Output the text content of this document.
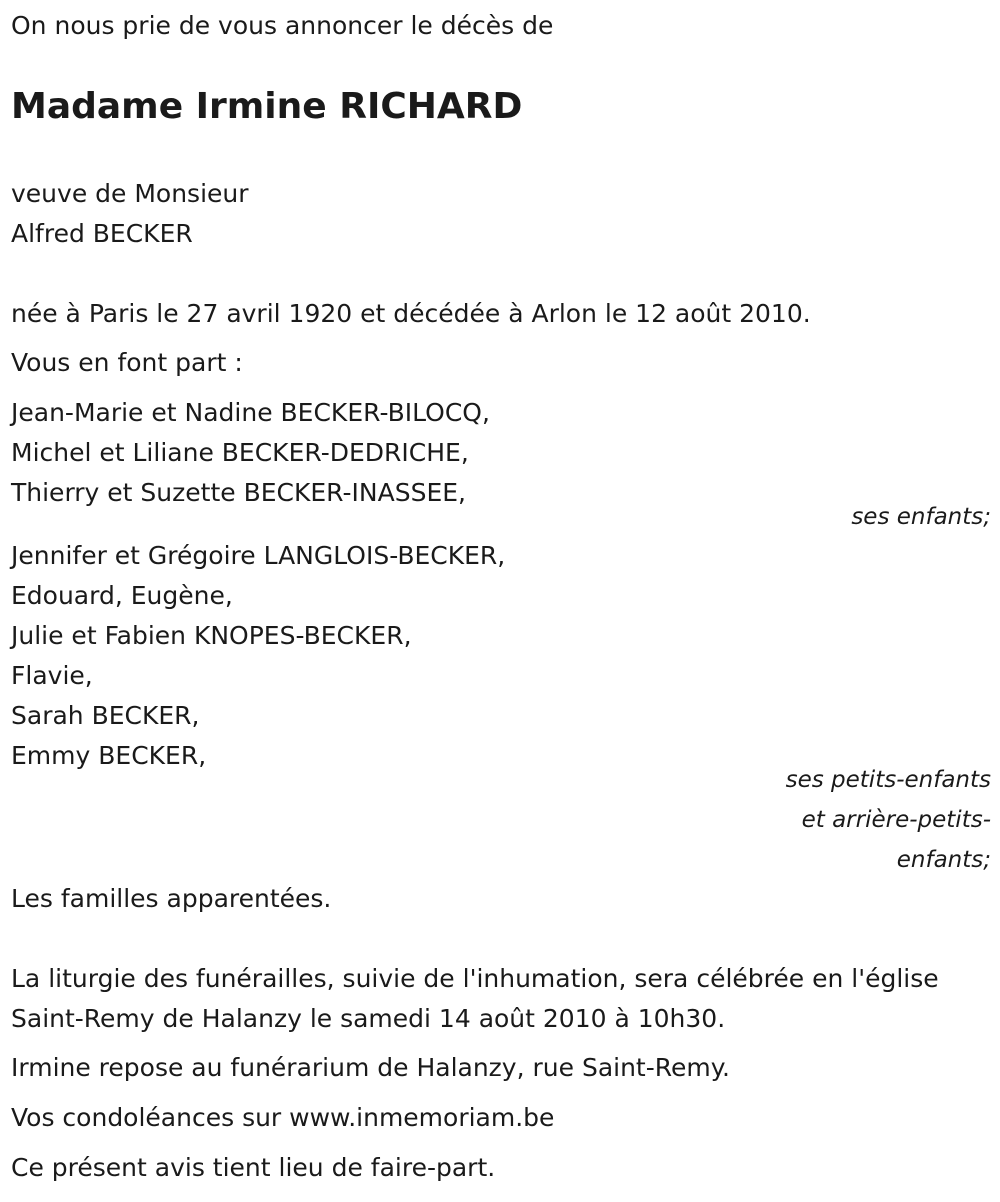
On nous prie de vous annoncer le décès de
Madame Irmine RICHARD
veuve de Monsieur
Alfred BECKER
née à Paris le 27 avril 1920 et décédée à Arlon le 12 août 2010.
Vous en font part :
Jean-Marie et Nadine BECKER-BILOCQ,
Michel et Liliane BECKER-DEDRICHE,
Thierry et Suzette BECKER-INASSEE,
ses enfants;
Jennifer et Grégoire LANGLOIS-BECKER,
Edouard, Eugène,
Julie et Fabien KNOPES-BECKER,
Flavie,
Sarah BECKER,
Emmy BECKER,
ses petits-enfants
et arrière-petits-
enfants;
Les familles apparentées.
La liturgie des funérailles, suivie de l'inhumation, sera célébrée en l'église
Saint-Remy de Halanzy le samedi 14 août 2010 à 10h30.
Irmine repose au funérarium de Halanzy, rue Saint-Remy.
Vos condoléances sur www.inmemoriam.be
Ce présent avis tient lieu de faire-part.
